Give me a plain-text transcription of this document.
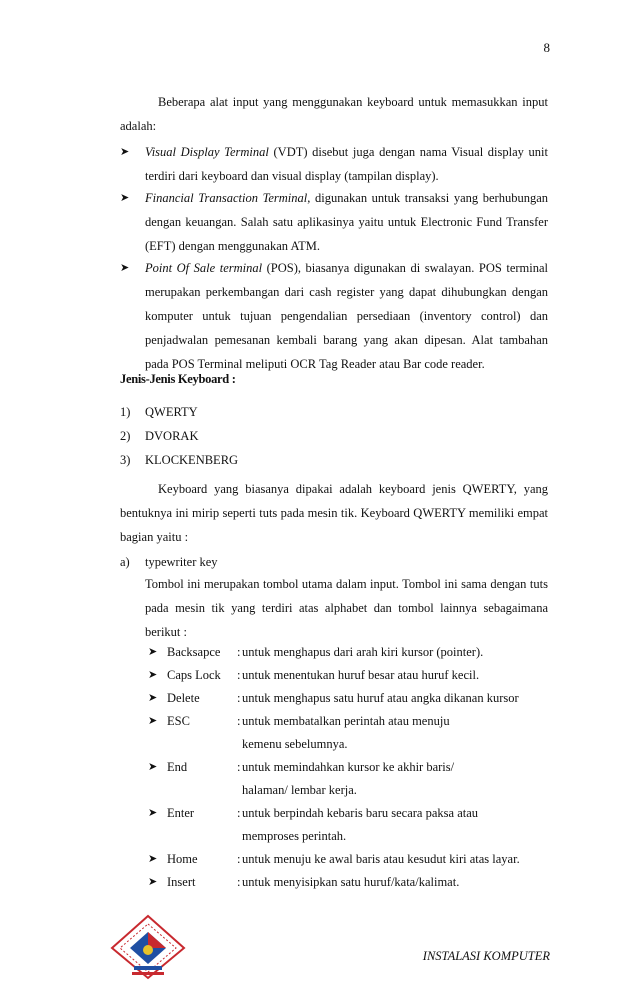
8
Beberapa alat input yang menggunakan keyboard untuk memasukkan input adalah:
➤ Visual Display Terminal (VDT) disebut juga dengan nama Visual display unit terdiri dari keyboard dan visual display (tampilan display).
➤ Financial Transaction Terminal, digunakan untuk transaksi yang berhubungan dengan keuangan. Salah satu aplikasinya yaitu untuk Electronic Fund Transfer (EFT) dengan menggunakan ATM.
➤ Point Of Sale terminal (POS), biasanya digunakan di swalayan. POS terminal merupakan perkembangan dari cash register yang dapat dihubungkan dengan komputer untuk tujuan pengendalian persediaan (inventory control) dan penjadwalan pemesanan kembali barang yang akan dipesan. Alat tambahan pada POS Terminal meliputi OCR Tag Reader atau Bar code reader.
Jenis-Jenis Keyboard :
1) QWERTY
2) DVORAK
3) KLOCKENBERG
Keyboard yang biasanya dipakai adalah keyboard jenis QWERTY, yang bentuknya ini mirip seperti tuts pada mesin tik. Keyboard QWERTY memiliki empat bagian yaitu :
a) typewriter key
Tombol ini merupakan tombol utama dalam input. Tombol ini sama dengan tuts pada mesin tik yang terdiri atas alphabet dan tombol lainnya sebagaimana berikut :
➤ Backsapce	: untuk menghapus dari arah kiri kursor (pointer).
➤ Caps Lock	: untuk menentukan huruf besar atau huruf kecil.
➤ Delete	: untuk menghapus satu huruf atau angka dikanan kursor
➤ ESC	: untuk membatalkan perintah atau menuju kemenu sebelumnya.
➤ End	: untuk memindahkan kursor ke akhir baris/ halaman/ lembar kerja.
➤ Enter	: untuk berpindah kebaris baru secara paksa atau memproses perintah.
➤ Home	: untuk menuju ke awal baris atau kesudut kiri atas layar.
➤ Insert	: untuk menyisipkan satu huruf/kata/kalimat.
INSTALASI KOMPUTER
